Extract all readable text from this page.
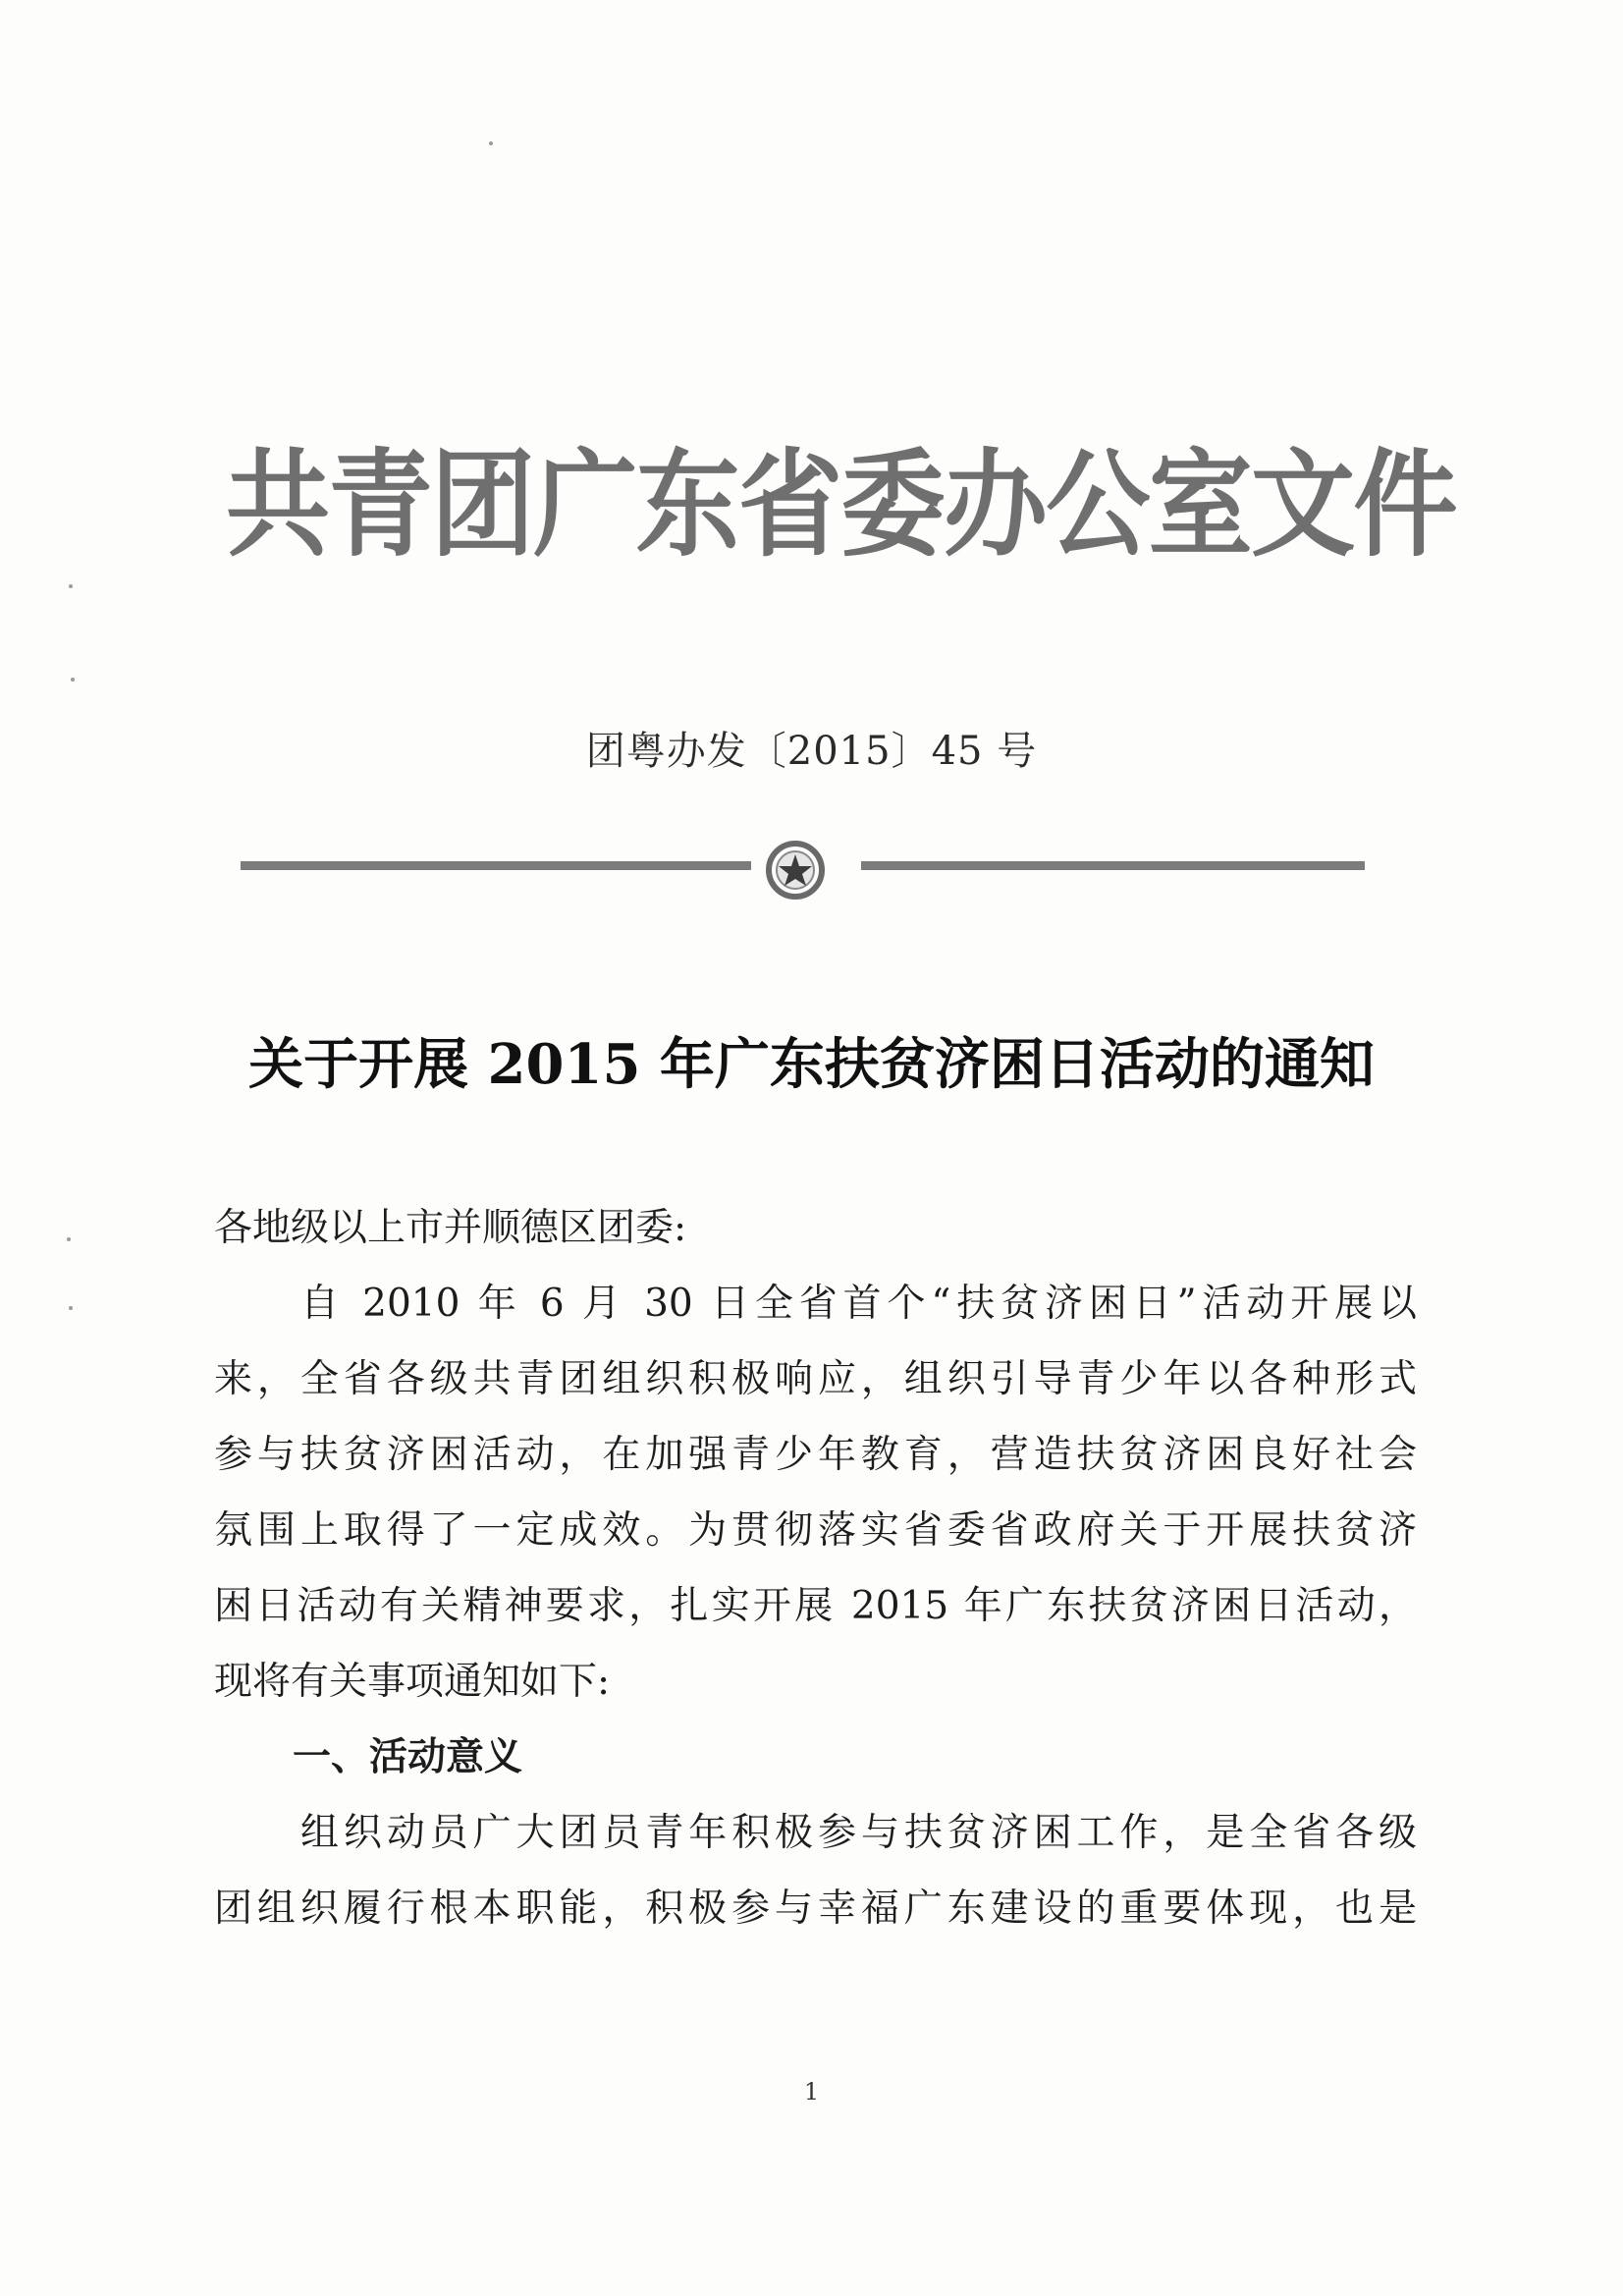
共青团广东省委办公室文件
团粤办发〔2015〕45 号
关于开展 2015 年广东扶贫济困日活动的通知
各地级以上市并顺德区团委:
自 2010 年 6 月 30 日全省首个“扶贫济困日”活动开展以
来，全省各级共青团组织积极响应，组织引导青少年以各种形式
参与扶贫济困活动，在加强青少年教育，营造扶贫济困良好社会
氛围上取得了一定成效。为贯彻落实省委省政府关于开展扶贫济
困日活动有关精神要求，扎实开展 2015 年广东扶贫济困日活动，
现将有关事项通知如下:
一、活动意义
组织动员广大团员青年积极参与扶贫济困工作，是全省各级
团组织履行根本职能，积极参与幸福广东建设的重要体现，也是
1
